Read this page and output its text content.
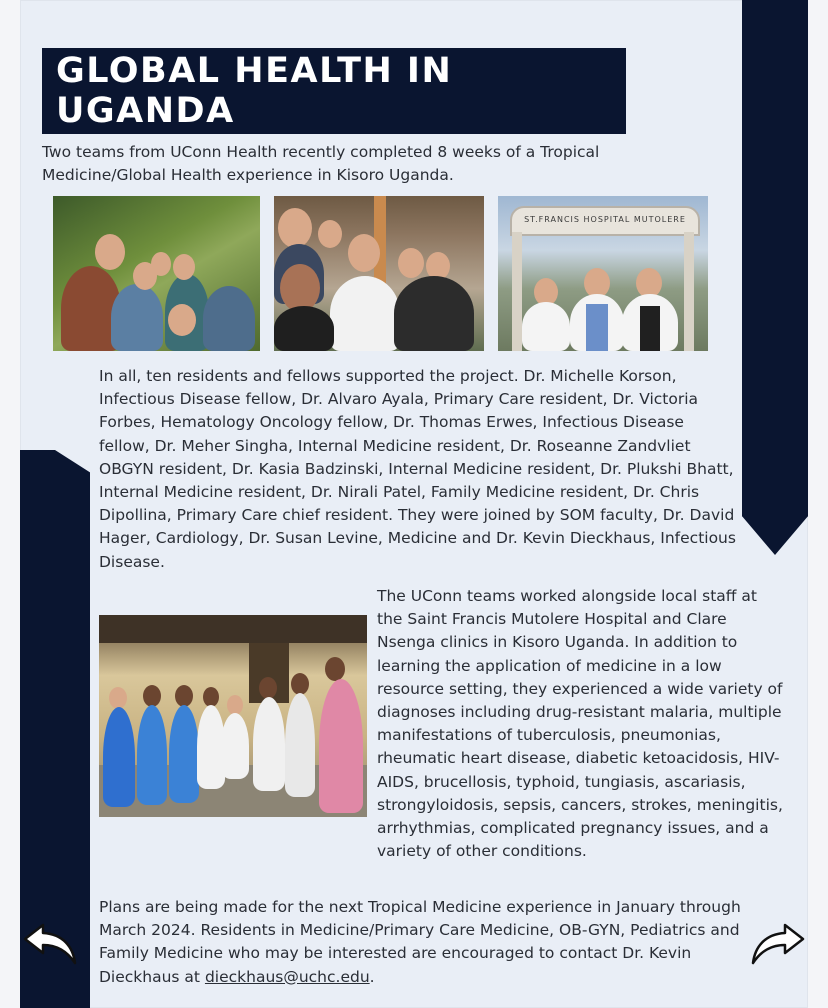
GLOBAL HEALTH IN UGANDA

Two teams from UConn Health recently completed 8 weeks of a Tropical Medicine/Global Health experience in Kisoro Uganda.

ST.FRANCIS HOSPITAL MUTOLERE
In all, ten residents and fellows supported the project. Dr. Michelle Korson, Infectious Disease fellow, Dr. Alvaro Ayala, Primary Care resident, Dr. Victoria Forbes, Hematology Oncology fellow, Dr. Thomas Erwes, Infectious Disease fellow, Dr. Meher Singha, Internal Medicine resident, Dr. Roseanne Zandvliet OBGYN resident, Dr. Kasia Badzinski, Internal Medicine resident, Dr. Plukshi Bhatt, Internal Medicine resident, Dr. Nirali Patel, Family Medicine resident, Dr. Chris Dipollina, Primary Care chief resident. They were joined by SOM faculty, Dr. David Hager, Cardiology, Dr. Susan Levine, Medicine and Dr. Kevin Dieckhaus, Infectious Disease.
The UConn teams worked alongside local staff at the Saint Francis Mutolere Hospital and Clare Nsenga clinics in Kisoro Uganda. In addition to learning the application of medicine in a low resource setting, they experienced a wide variety of diagnoses including drug-resistant malaria, multiple manifestations of tuberculosis, pneumonias, rheumatic heart disease, diabetic ketoacidosis, HIV-AIDS, brucellosis, typhoid, tungiasis, ascariasis, strongyloidosis, sepsis, cancers, strokes, meningitis, arrhythmias, complicated pregnancy issues, and a variety of other conditions.
Plans are being made for the next Tropical Medicine experience in January through March 2024. Residents in Medicine/Primary Care Medicine, OB-GYN, Pediatrics and Family Medicine who may be interested are encouraged to contact Dr. Kevin Dieckhaus at dieckhaus@uchc.edu.
